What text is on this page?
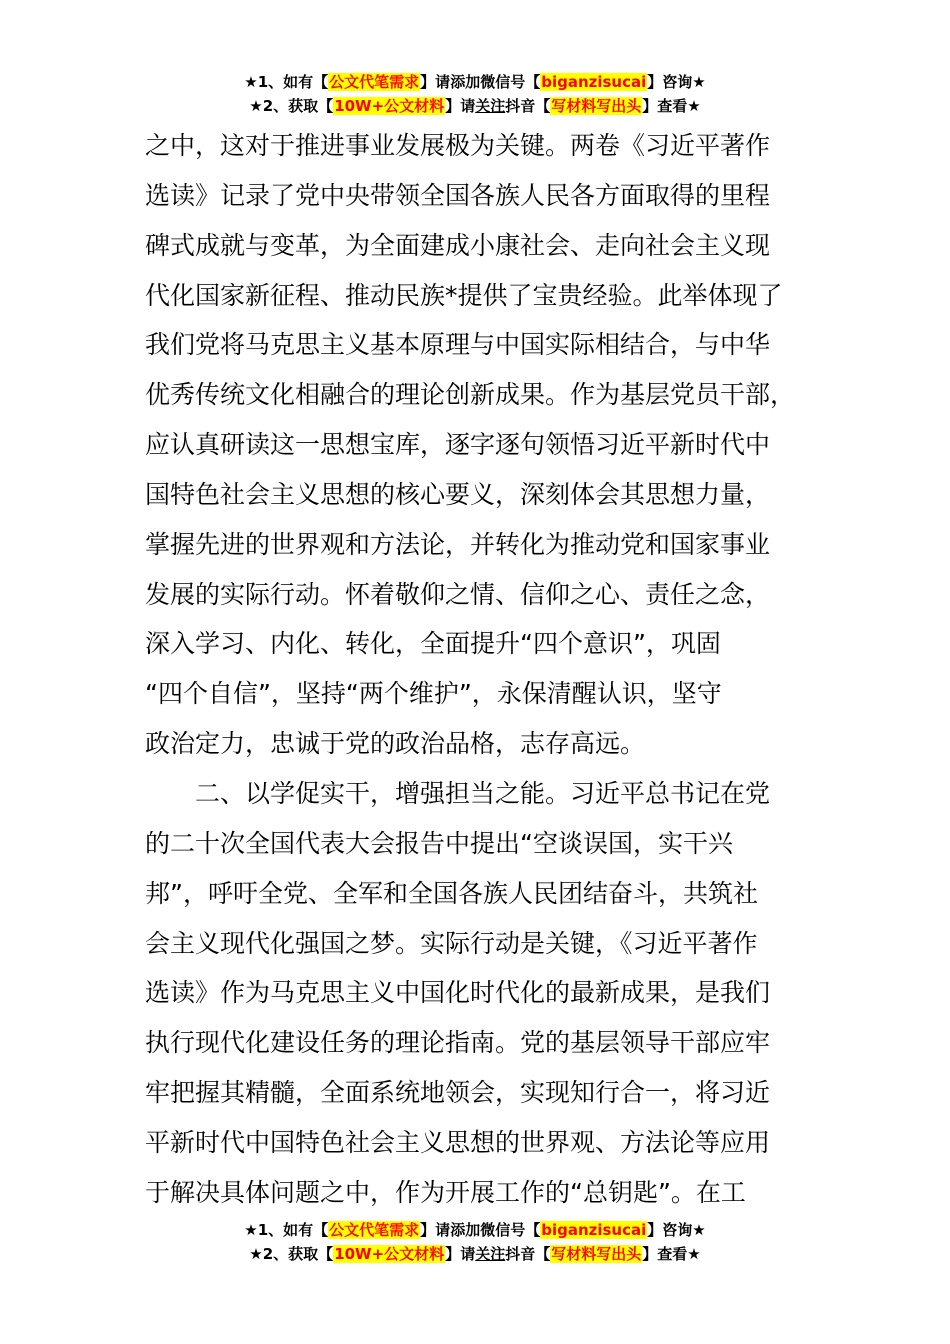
★1、如有【公文代笔需求】请添加微信号【biganzisucai】咨询★
★2、获取【10W+公文材料】请关注抖音【写材料写出头】查看★

之中，这对于推进事业发展极为关键。两卷《习近平著作
选读》记录了党中央带领全国各族人民各方面取得的里程
碑式成就与变革，为全面建成小康社会、走向社会主义现
代化国家新征程、推动民族*提供了宝贵经验。此举体现了
我们党将马克思主义基本原理与中国实际相结合，与中华
优秀传统文化相融合的理论创新成果。作为基层党员干部，
应认真研读这一思想宝库，逐字逐句领悟习近平新时代中
国特色社会主义思想的核心要义，深刻体会其思想力量，
掌握先进的世界观和方法论，并转化为推动党和国家事业
发展的实际行动。怀着敬仰之情、信仰之心、责任之念，
深入学习、内化、转化，全面提升“四个意识”，巩固
“四个自信”，坚持“两个维护”，永保清醒认识，坚守
政治定力，忠诚于党的政治品格，志存高远。

二、以学促实干，增强担当之能。习近平总书记在党
的二十次全国代表大会报告中提出“空谈误国，实干兴
邦”，呼吁全党、全军和全国各族人民团结奋斗，共筑社
会主义现代化强国之梦。实际行动是关键，《习近平著作
选读》作为马克思主义中国化时代化的最新成果，是我们
执行现代化建设任务的理论指南。党的基层领导干部应牢
牢把握其精髓，全面系统地领会，实现知行合一，将习近
平新时代中国特色社会主义思想的世界观、方法论等应用
于解决具体问题之中，作为开展工作的“总钥匙”。在工

★1、如有【公文代笔需求】请添加微信号【biganzisucai】咨询★
★2、获取【10W+公文材料】请关注抖音【写材料写出头】查看★
